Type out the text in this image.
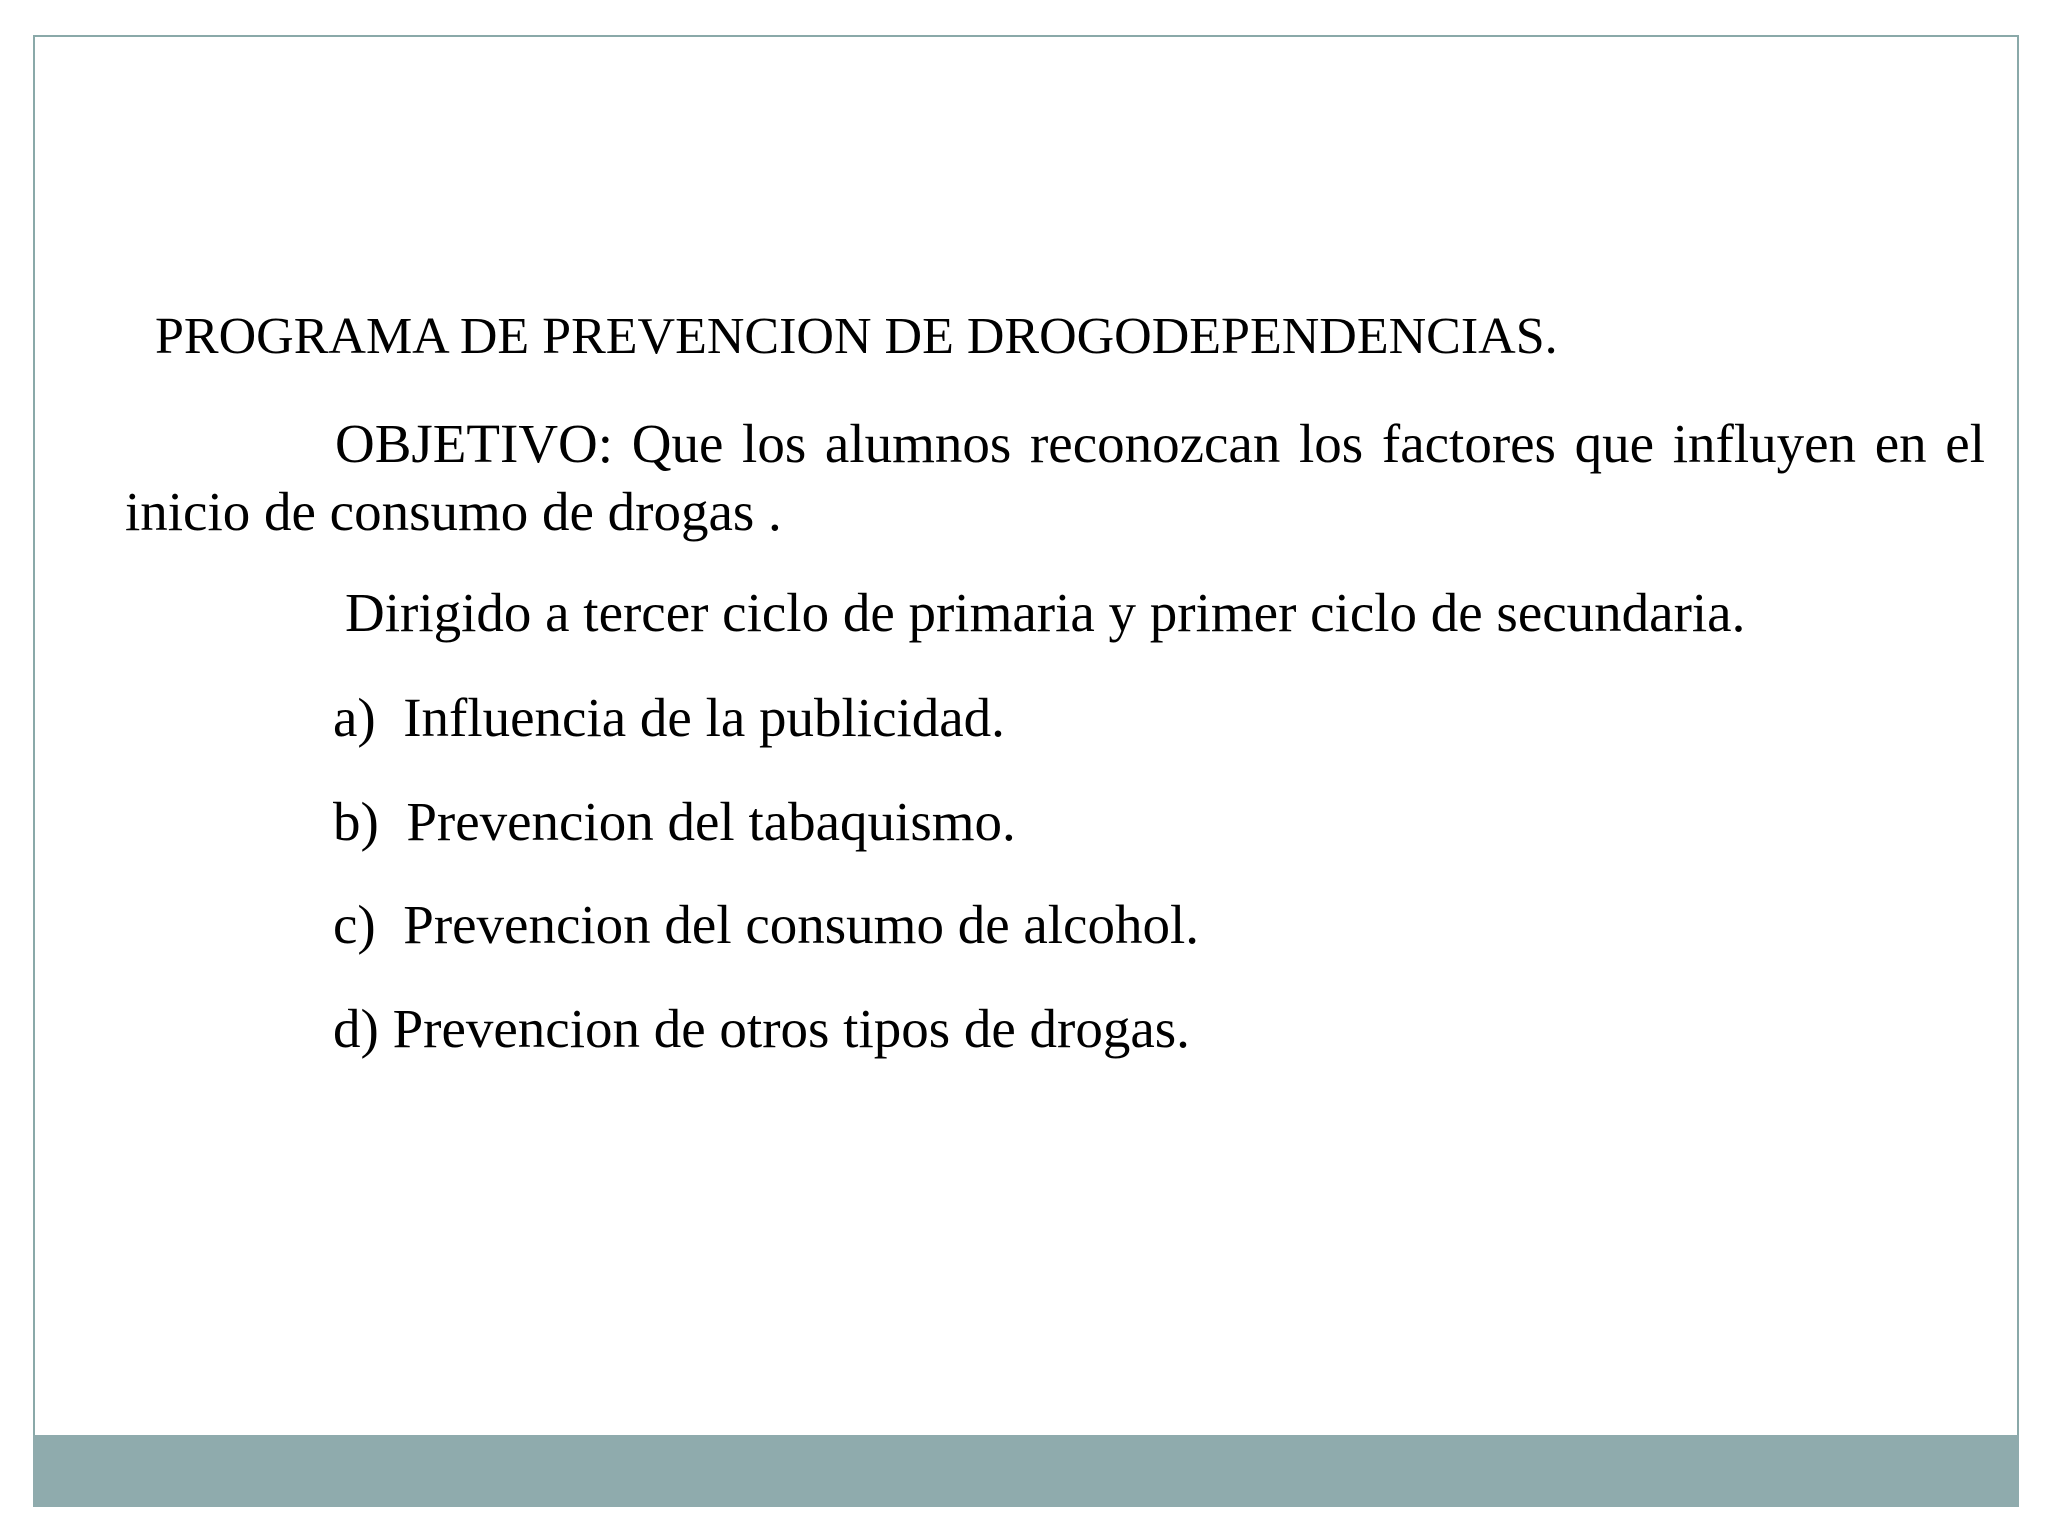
PROGRAMA DE PREVENCION DE DROGODEPENDENCIAS.
OBJETIVO: Que los alumnos reconozcan los factores que influyen en el inicio de consumo de drogas .
Dirigido a tercer ciclo de primaria y primer ciclo de secundaria.
a) Influencia de la publicidad.
b) Prevencion del tabaquismo.
c) Prevencion del consumo de alcohol.
d) Prevencion de otros tipos de drogas.
